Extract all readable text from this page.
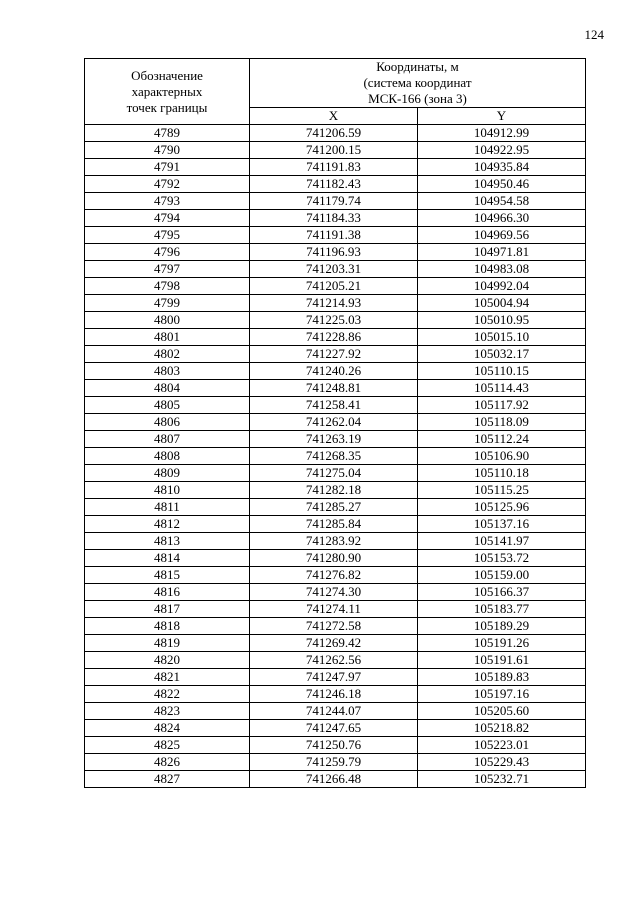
124
Обозначение
характерных
точек границы	Координаты, м
(система координат
МСК-166 (зона 3)	

	X	Y
4789	741206.59	104912.99
4790	741200.15	104922.95
4791	741191.83	104935.84
4792	741182.43	104950.46
4793	741179.74	104954.58
4794	741184.33	104966.30
4795	741191.38	104969.56
4796	741196.93	104971.81
4797	741203.31	104983.08
4798	741205.21	104992.04
4799	741214.93	105004.94
4800	741225.03	105010.95
4801	741228.86	105015.10
4802	741227.92	105032.17
4803	741240.26	105110.15
4804	741248.81	105114.43
4805	741258.41	105117.92
4806	741262.04	105118.09
4807	741263.19	105112.24
4808	741268.35	105106.90
4809	741275.04	105110.18
4810	741282.18	105115.25
4811	741285.27	105125.96
4812	741285.84	105137.16
4813	741283.92	105141.97
4814	741280.90	105153.72
4815	741276.82	105159.00
4816	741274.30	105166.37
4817	741274.11	105183.77
4818	741272.58	105189.29
4819	741269.42	105191.26
4820	741262.56	105191.61
4821	741247.97	105189.83
4822	741246.18	105197.16
4823	741244.07	105205.60
4824	741247.65	105218.82
4825	741250.76	105223.01
4826	741259.79	105229.43
4827	741266.48	105232.71
